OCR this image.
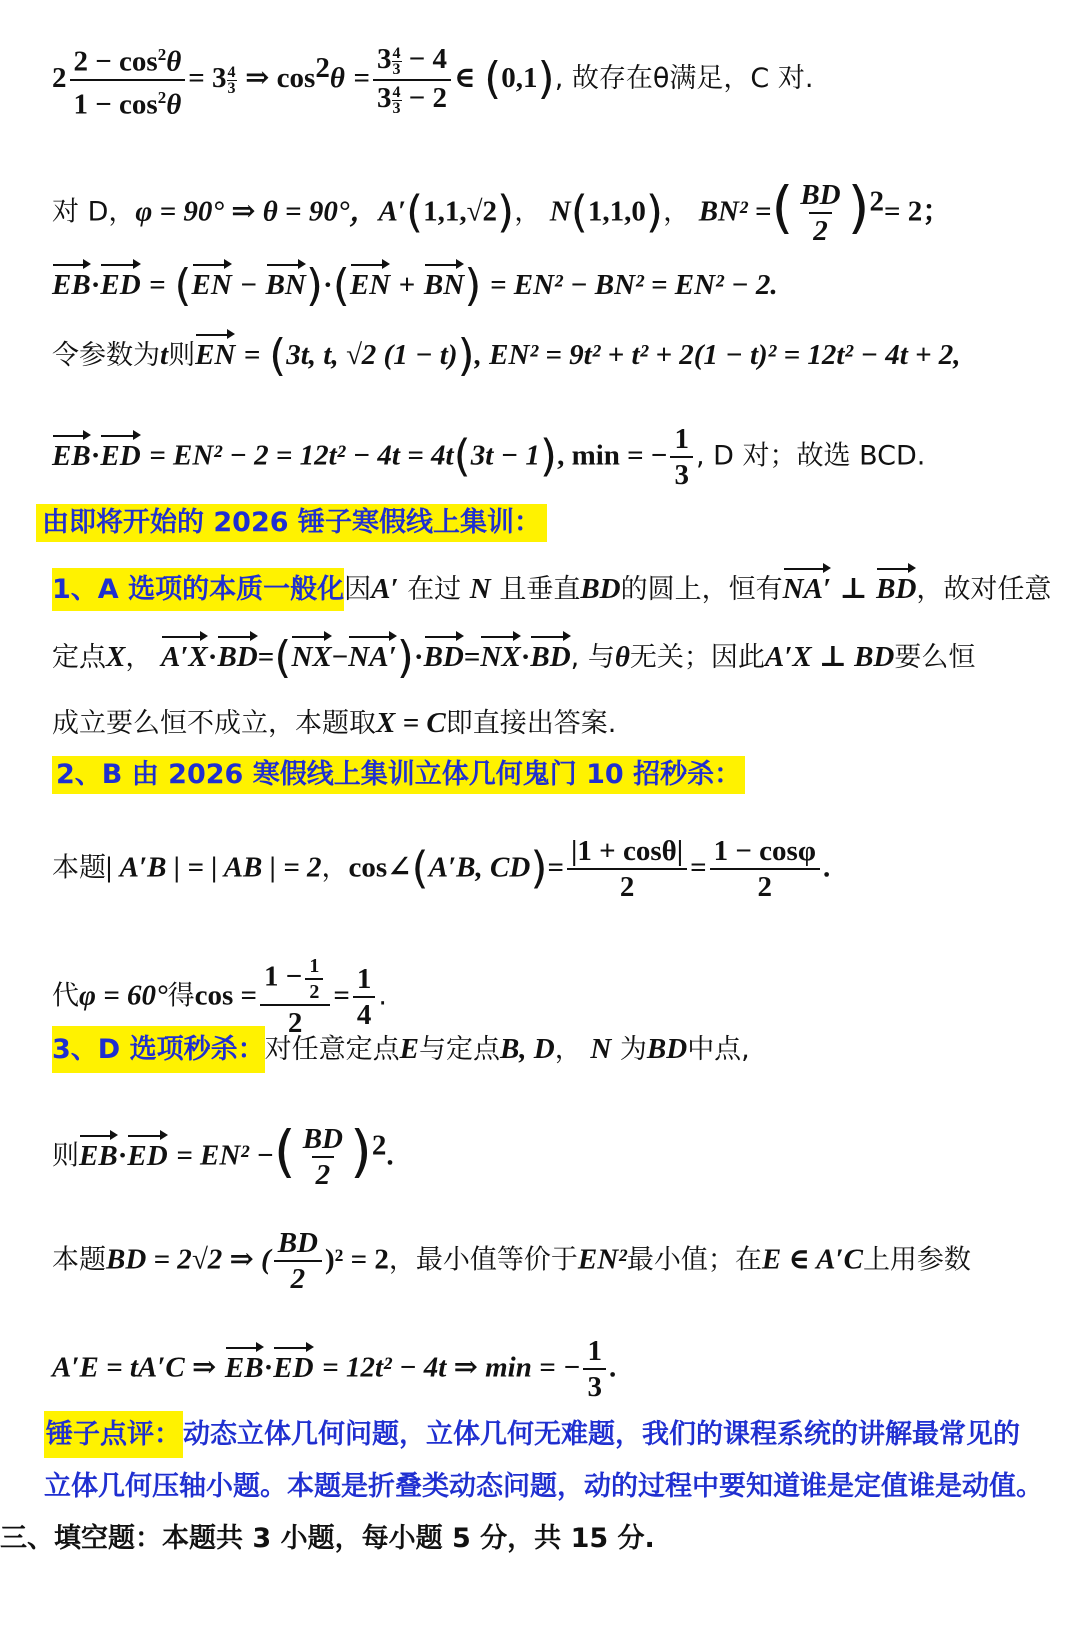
$2 \frac{2 - \cos^2\theta}{1 - \cos^2\theta} = 3 \frac{4}{3}$ ⇒ $\cos^2\theta = \frac{3 \frac{4}{3} - 4}{3 \frac{4}{3} - 2}$ ∈ (0,1), 故存在θ满足，C 对.
对 D，φ = 90° ⇒ θ = 90°，A′(1,1,√2)， N(1,1,0)， BN² =( $\frac{BD}{2} )^2= 2$；
EB·ED = (EN − BN)·(EN + BN) = EN² − BN² = EN² − 2.
令参数为t则EN = (3t, t, √2 (1 − t)), EN² = 9t² + t² + 2(1 − t)² = 12t² − 4t + 2,
EB·ED = EN² − 2 = 12t² − 4t = 4t(3t − 1), min = − $\frac{1}{3}$ , D 对；故选 BCD.
由即将开始的 2026 锤子寒假线上集训：
1、A 选项的本质一般化因A′ 在过 N 且垂直BD的圆上，恒有NA′ ⊥ BD，故对任意
定点X， A′X·BD=(NX−NA′)·BD=NX·BD, 与θ无关；因此A′X ⊥ BD要么恒
成立要么恒不成立，本题取X = C即直接出答案.
2、B 由 2026 寒假线上集训立体几何鬼门 10 招秒杀：
本题| A′B | = | AB | = 2，cos∠(A′B, $CD)= \frac{|1 + \cos\theta|}{2} = \frac{1 - \cos\varphi}{2}$ .
代φ = 60°得$\cos = \frac{1 - \frac{1}{2}}{2} = \frac{1}{4}$ .
3、D 选项秒杀：对任意定点E与定点B, D， N 为BD中点,
则EB·ED = EN² −( $\frac{BD}{2} )^2$.
本题BD = 2√2 ⇒ ( $\frac{BD}{2} )^2 = 2$，最小值等价于EN²最小值；在E ∈ A′C上用参数
A′E = tA′C ⇒ EB·ED = 12t² − 4t ⇒ min = − $\frac{1}{3}$ .
锤子点评：动态立体几何问题，立体几何无难题，我们的课程系统的讲解最常见的
立体几何压轴小题。本题是折叠类动态问题，动的过程中要知道谁是定值谁是动值。
三、填空题：本题共 3 小题，每小题 5 分，共 15 分.
